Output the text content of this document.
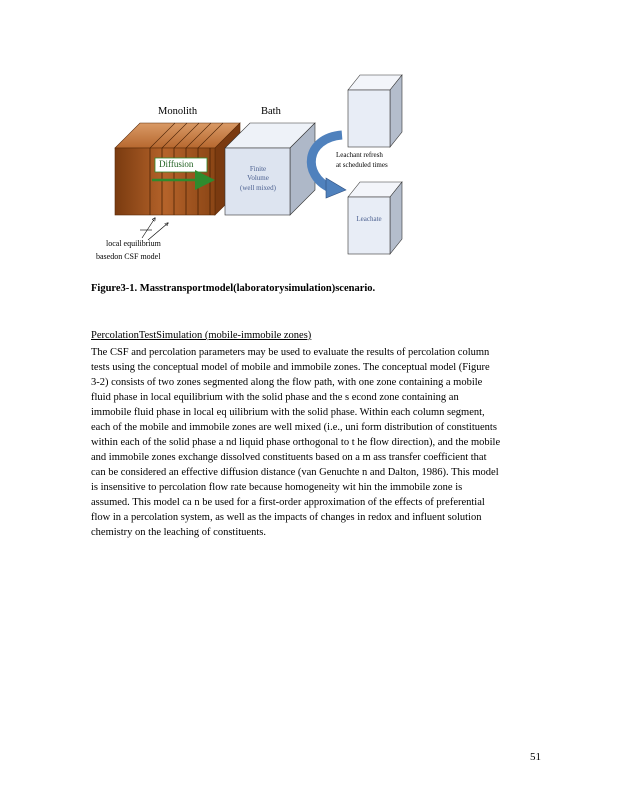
Monolith	Bath
Diffusion	Finite
Volume
(well mixed)
Leachant refresh
at scheduled times
Leachate
local equilibrium
basedon CSF model
Figure3-1. Masstransportmodel(laboratorysimulation)scenario.
PercolationTestSimulation (mobile-immobile zones)
The CSF and percolation parameters may be used to evaluate the results of percolation column
tests using the conceptual model of mobile and immobile zones. The conceptual model (Figure
3-2) consists of two zones segmented along the flow path, with one zone containing a mobile
fluid phase in local equilibrium with the solid phase and the s econd zone containing an
immobile fluid phase in local eq uilibrium with the solid phase. Within each column segment,
each of the mobile and immobile zones are well mixed (i.e., uni form distribution of constituents
within each of the solid phase a nd liquid phase orthogonal to t he flow direction), and the mobile
and immobile zones exchange dissolved constituents based on a m ass transfer coefficient that
can be considered an effective diffusion distance (van Genuchte n and Dalton, 1986). This model
is insensitive to percolation flow rate because homogeneity wit hin the immobile zone is
assumed. This model ca n be used for a first-order approximation of the effects of preferential
flow in a percolation system, as well as the impacts of changes in redox and influent solution
chemistry on the leaching of constituents.
51
